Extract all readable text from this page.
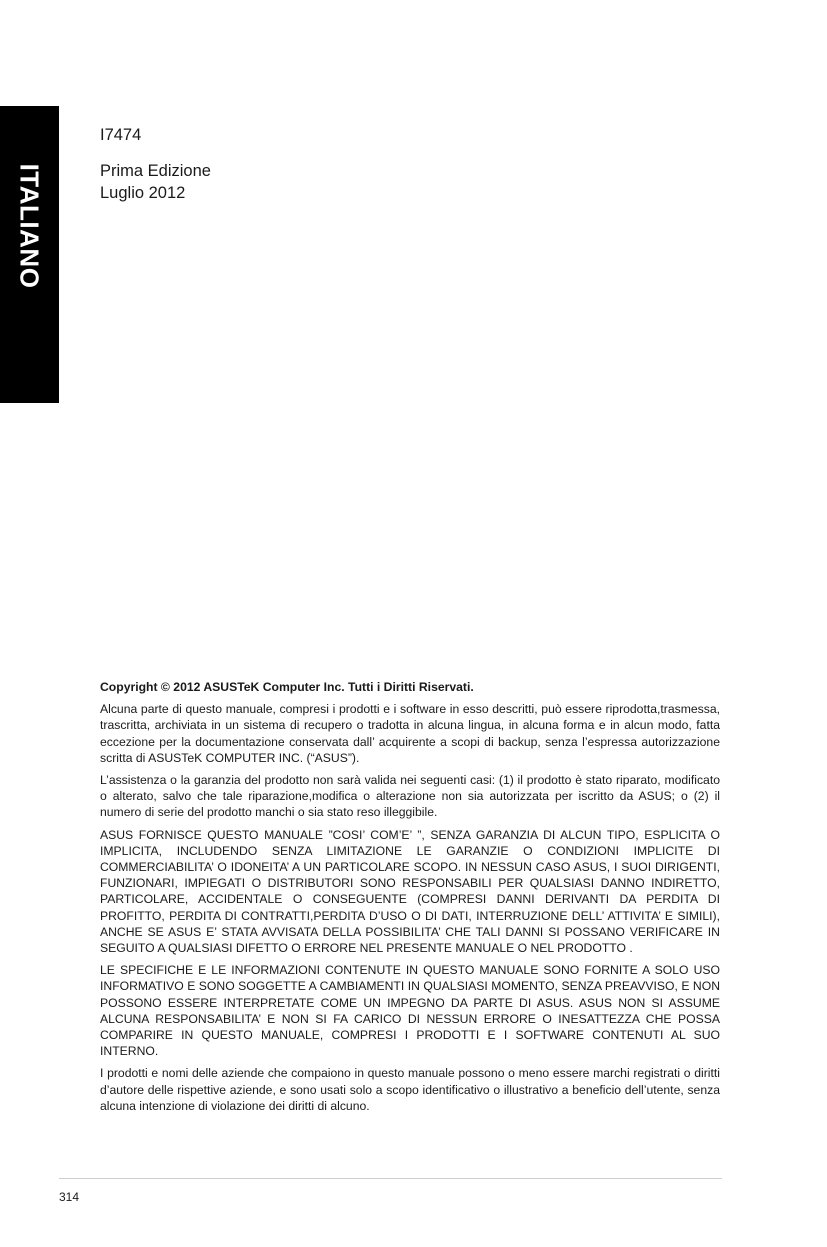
ITALIANO
I7474
Prima Edizione
Luglio 2012

Copyright © 2012 ASUSTeK Computer Inc. Tutti i Diritti Riservati.

Alcuna parte di questo manuale, compresi i prodotti e i software in esso descritti, può essere riprodotta,trasmessa, trascritta, archiviata in un sistema di recupero o tradotta in alcuna lingua, in alcuna forma e in alcun modo, fatta eccezione per la documentazione conservata dall’ acquirente a scopi di backup, senza l’espressa autorizzazione scritta di ASUSTeK COMPUTER INC. (“ASUS”).

L’assistenza o la garanzia del prodotto non sarà valida nei seguenti casi: (1) il prodotto è stato riparato, modificato o alterato, salvo che tale riparazione,modifica o alterazione non sia autorizzata per iscritto da ASUS; o (2) il numero di serie del prodotto manchi o sia stato reso illeggibile.

ASUS FORNISCE QUESTO MANUALE ”COSI’ COM’E’ ”, SENZA GARANZIA DI ALCUN TIPO, ESPLICITA O IMPLICITA, INCLUDENDO SENZA LIMITAZIONE LE GARANZIE O CONDIZIONI IMPLICITE DI COMMERCIABILITA’ O IDONEITA’ A UN PARTICOLARE SCOPO. IN NESSUN CASO ASUS, I SUOI DIRIGENTI, FUNZIONARI, IMPIEGATI O DISTRIBUTORI SONO RESPONSABILI PER QUALSIASI DANNO INDIRETTO, PARTICOLARE, ACCIDENTALE O CONSEGUENTE (COMPRESI DANNI DERIVANTI DA PERDITA DI PROFITTO, PERDITA DI CONTRATTI,PERDITA D’USO O DI DATI, INTERRUZIONE DELL’ ATTIVITA’ E SIMILI), ANCHE SE ASUS E’ STATA AVVISATA DELLA POSSIBILITA’ CHE TALI DANNI SI POSSANO VERIFICARE IN SEGUITO A QUALSIASI DIFETTO O ERRORE NEL PRESENTE MANUALE O NEL PRODOTTO .

LE SPECIFICHE E LE INFORMAZIONI CONTENUTE IN QUESTO MANUALE SONO FORNITE A SOLO USO INFORMATIVO E SONO SOGGETTE A CAMBIAMENTI IN QUALSIASI MOMENTO, SENZA PREAVVISO, E NON POSSONO ESSERE INTERPRETATE COME UN IMPEGNO DA PARTE DI ASUS. ASUS NON SI ASSUME ALCUNA RESPONSABILITA’ E NON SI FA CARICO DI NESSUN ERRORE O INESATTEZZA CHE POSSA COMPARIRE IN QUESTO MANUALE, COMPRESI I PRODOTTI E I SOFTWARE CONTENUTI AL SUO INTERNO.

I prodotti e nomi delle aziende che compaiono in questo manuale possono o meno essere marchi registrati o diritti d’autore delle rispettive aziende, e sono usati solo a scopo identificativo o illustrativo a beneficio dell’utente, senza alcuna intenzione di violazione dei diritti di alcuno.

314
